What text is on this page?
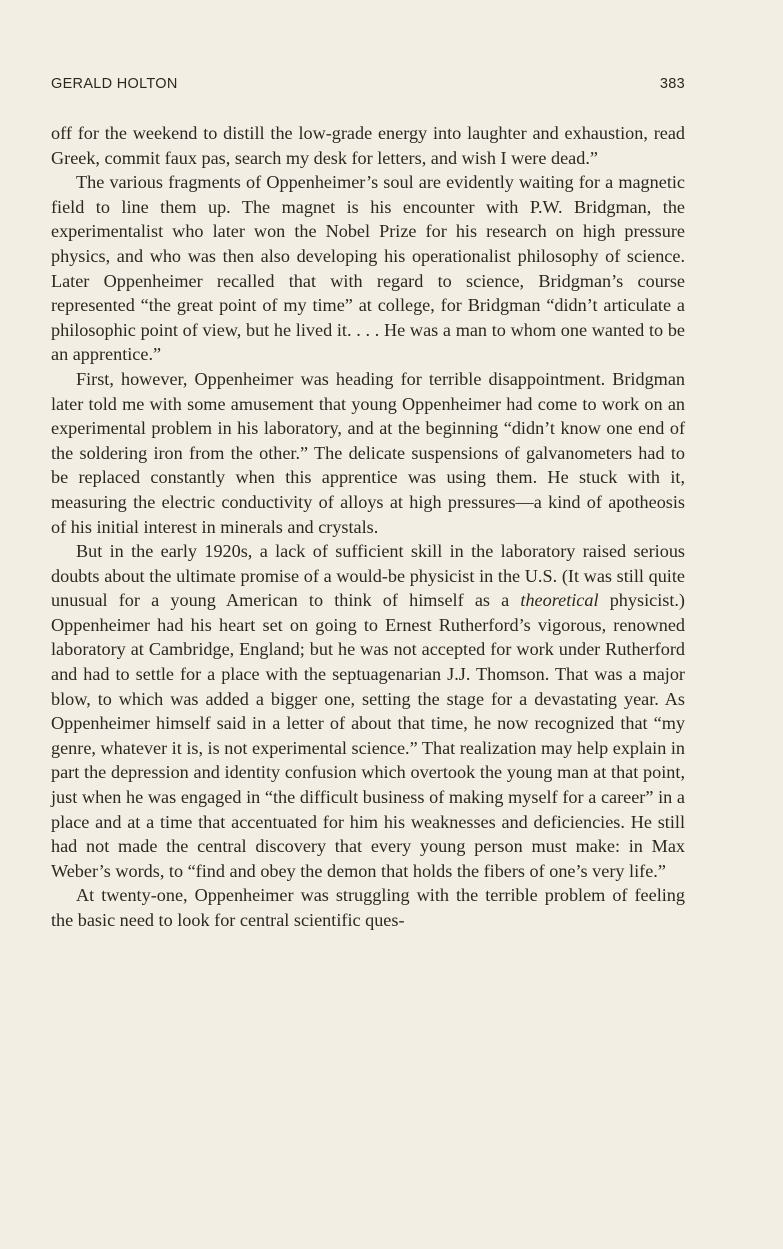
GERALD HOLTON	383

off for the weekend to distill the low-grade energy into laughter and exhaustion, read Greek, commit faux pas, search my desk for letters, and wish I were dead.”

The various fragments of Oppenheimer’s soul are evidently waiting for a magnetic field to line them up. The magnet is his encounter with P.W. Bridgman, the experimentalist who later won the Nobel Prize for his research on high pressure physics, and who was then also developing his operationalist philosophy of science. Later Oppenheimer recalled that with regard to science, Bridgman’s course represented “the great point of my time” at college, for Bridgman “didn’t articulate a philosophic point of view, but he lived it. . . . He was a man to whom one wanted to be an apprentice.”

First, however, Oppenheimer was heading for terrible disappointment. Bridgman later told me with some amusement that young Oppenheimer had come to work on an experimental problem in his laboratory, and at the beginning “didn’t know one end of the soldering iron from the other.” The delicate suspensions of galvanometers had to be replaced constantly when this apprentice was using them. He stuck with it, measuring the electric conductivity of alloys at high pressures—a kind of apotheosis of his initial interest in minerals and crystals.

But in the early 1920s, a lack of sufficient skill in the laboratory raised serious doubts about the ultimate promise of a would-be physicist in the U.S. (It was still quite unusual for a young American to think of himself as a theoretical physicist.) Oppenheimer had his heart set on going to Ernest Rutherford’s vigorous, renowned laboratory at Cambridge, England; but he was not accepted for work under Rutherford and had to settle for a place with the septuagenarian J.J. Thomson. That was a major blow, to which was added a bigger one, setting the stage for a devastating year. As Oppenheimer himself said in a letter of about that time, he now recognized that “my genre, whatever it is, is not experimental science.” That realization may help explain in part the depression and identity confusion which overtook the young man at that point, just when he was engaged in “the difficult business of making myself for a career” in a place and at a time that accentuated for him his weaknesses and deficiencies. He still had not made the central discovery that every young person must make: in Max Weber’s words, to “find and obey the demon that holds the fibers of one’s very life.”

At twenty-one, Oppenheimer was struggling with the terrible problem of feeling the basic need to look for central scientific ques-
